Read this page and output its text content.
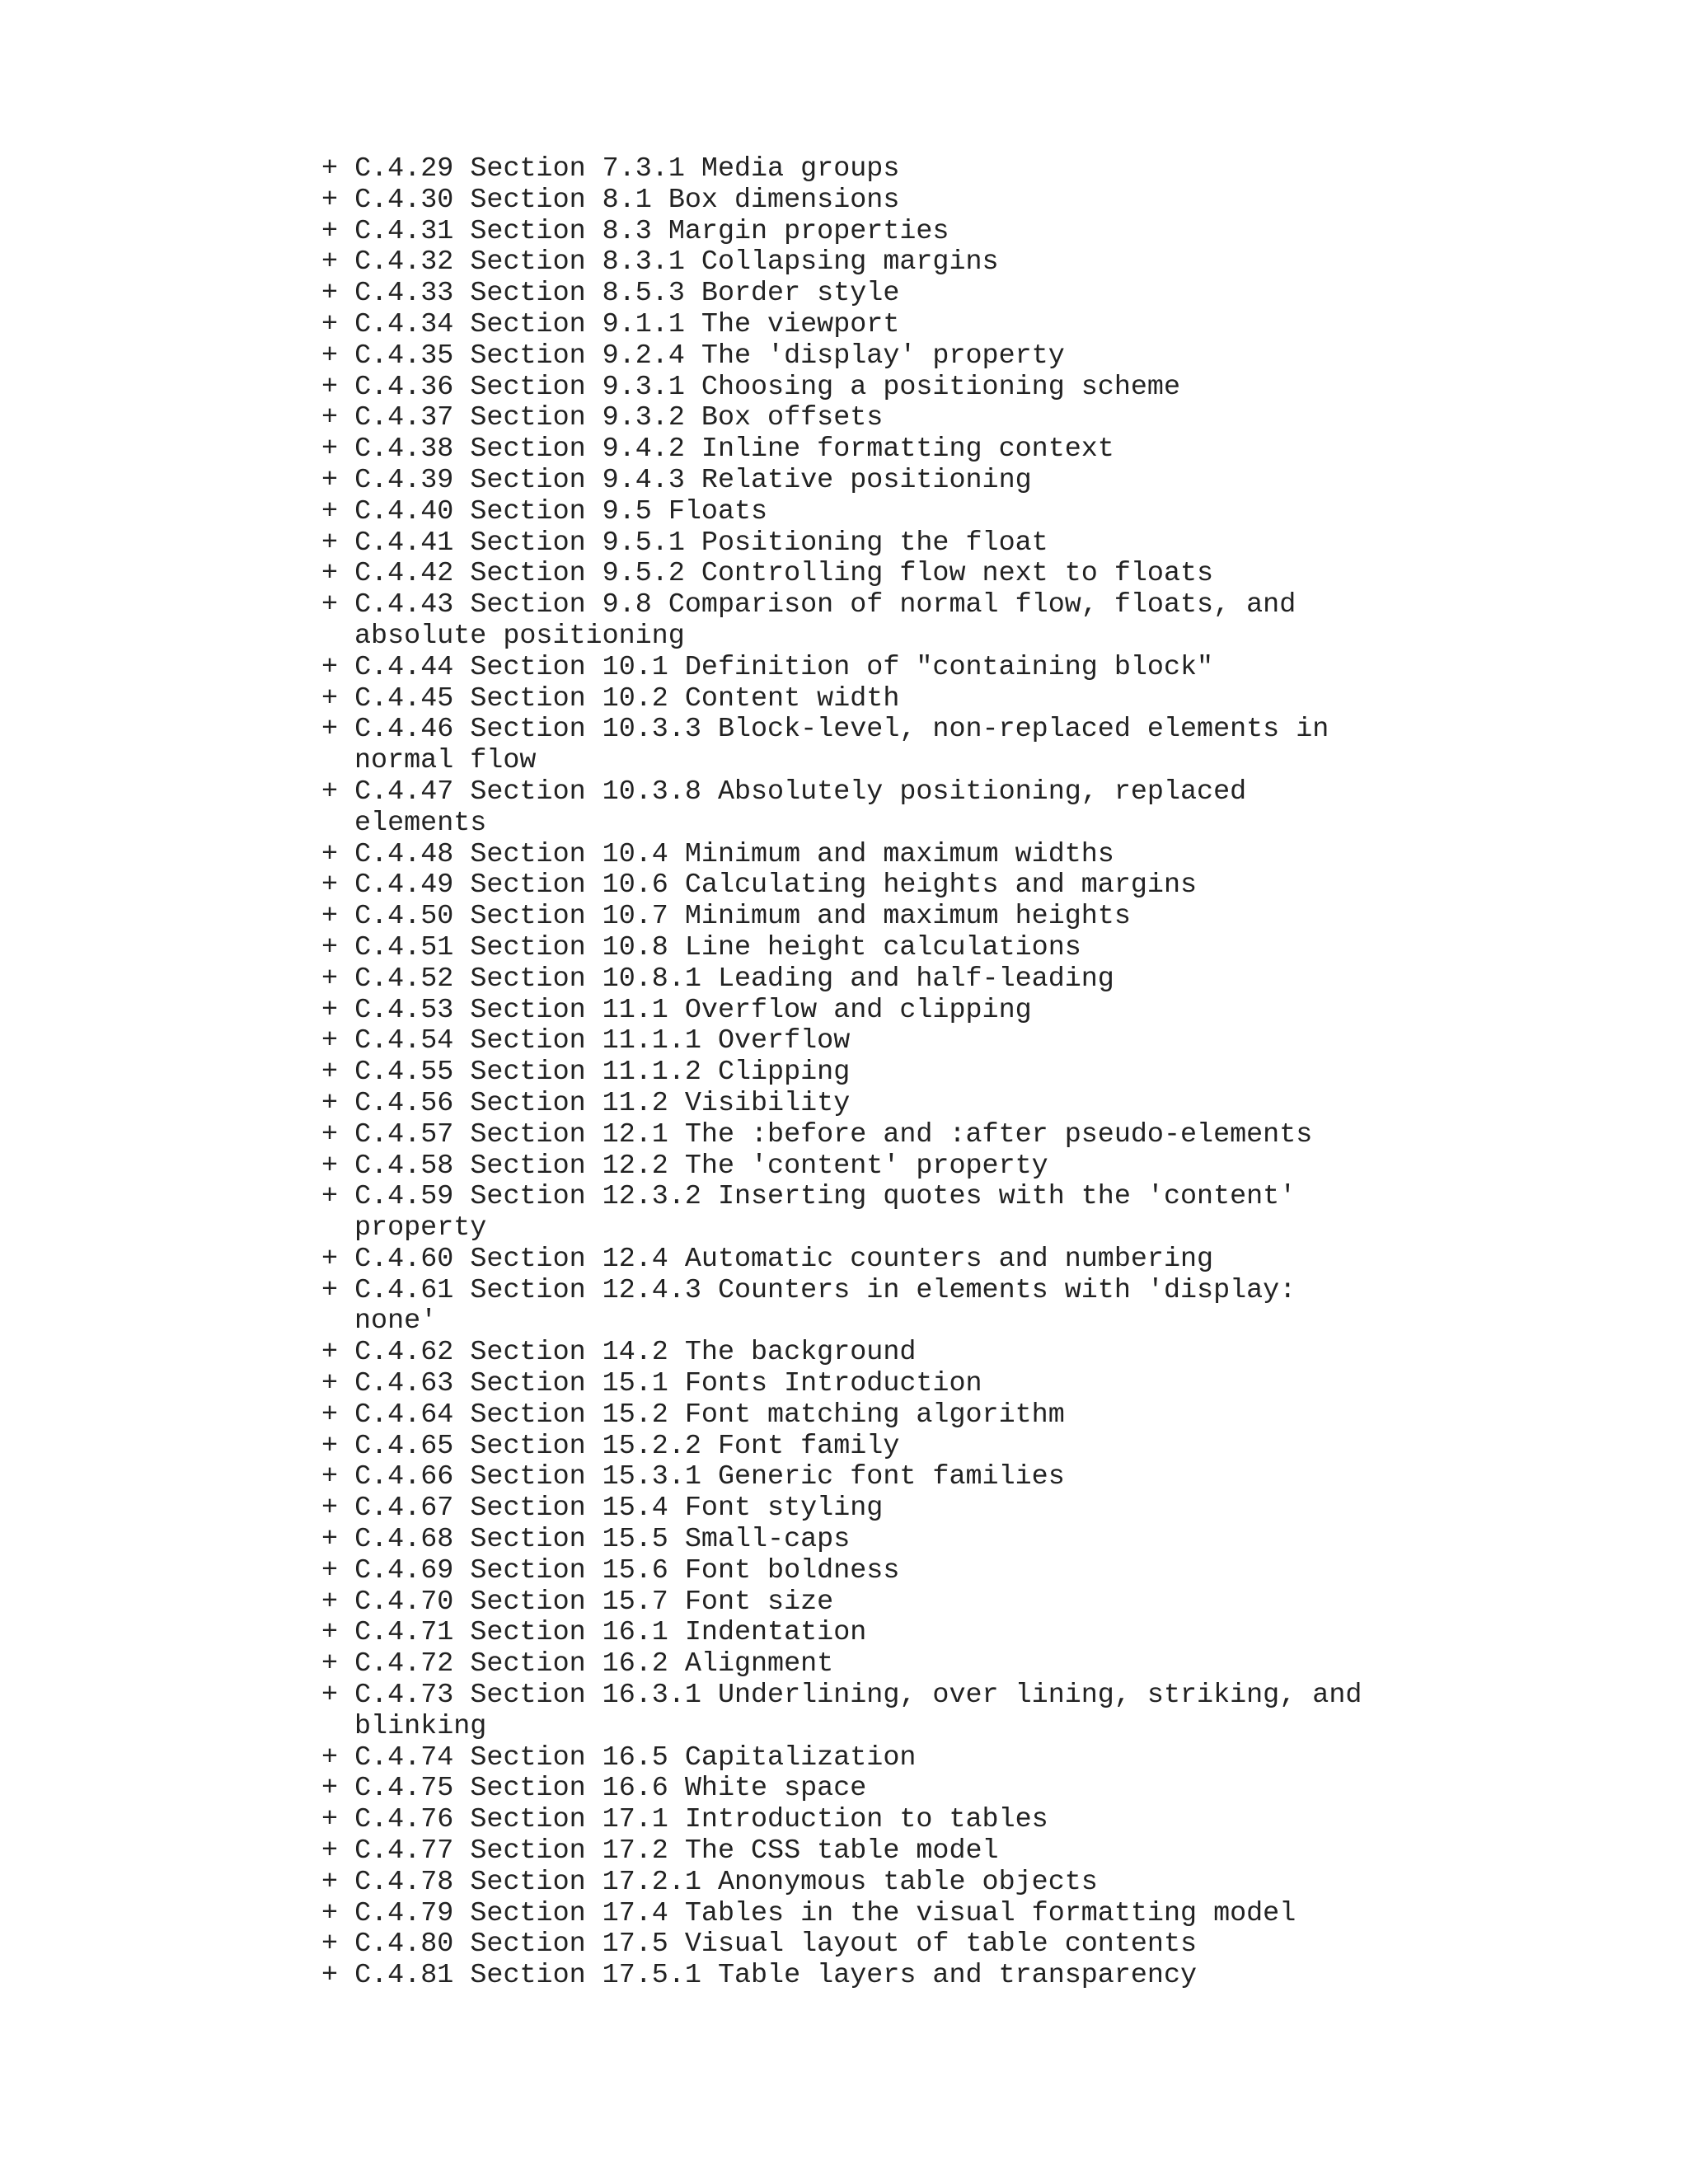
+ C.4.29 Section 7.3.1 Media groups
+ C.4.30 Section 8.1 Box dimensions
+ C.4.31 Section 8.3 Margin properties
+ C.4.32 Section 8.3.1 Collapsing margins
+ C.4.33 Section 8.5.3 Border style
+ C.4.34 Section 9.1.1 The viewport
+ C.4.35 Section 9.2.4 The 'display' property
+ C.4.36 Section 9.3.1 Choosing a positioning scheme
+ C.4.37 Section 9.3.2 Box offsets
+ C.4.38 Section 9.4.2 Inline formatting context
+ C.4.39 Section 9.4.3 Relative positioning
+ C.4.40 Section 9.5 Floats
+ C.4.41 Section 9.5.1 Positioning the float
+ C.4.42 Section 9.5.2 Controlling flow next to floats
+ C.4.43 Section 9.8 Comparison of normal flow, floats, and
absolute positioning
+ C.4.44 Section 10.1 Definition of "containing block"
+ C.4.45 Section 10.2 Content width
+ C.4.46 Section 10.3.3 Block-level, non-replaced elements in
normal flow
+ C.4.47 Section 10.3.8 Absolutely positioning, replaced
elements
+ C.4.48 Section 10.4 Minimum and maximum widths
+ C.4.49 Section 10.6 Calculating heights and margins
+ C.4.50 Section 10.7 Minimum and maximum heights
+ C.4.51 Section 10.8 Line height calculations
+ C.4.52 Section 10.8.1 Leading and half-leading
+ C.4.53 Section 11.1 Overflow and clipping
+ C.4.54 Section 11.1.1 Overflow
+ C.4.55 Section 11.1.2 Clipping
+ C.4.56 Section 11.2 Visibility
+ C.4.57 Section 12.1 The :before and :after pseudo-elements
+ C.4.58 Section 12.2 The 'content' property
+ C.4.59 Section 12.3.2 Inserting quotes with the 'content'
property
+ C.4.60 Section 12.4 Automatic counters and numbering
+ C.4.61 Section 12.4.3 Counters in elements with 'display:
none'
+ C.4.62 Section 14.2 The background
+ C.4.63 Section 15.1 Fonts Introduction
+ C.4.64 Section 15.2 Font matching algorithm
+ C.4.65 Section 15.2.2 Font family
+ C.4.66 Section 15.3.1 Generic font families
+ C.4.67 Section 15.4 Font styling
+ C.4.68 Section 15.5 Small-caps
+ C.4.69 Section 15.6 Font boldness
+ C.4.70 Section 15.7 Font size
+ C.4.71 Section 16.1 Indentation
+ C.4.72 Section 16.2 Alignment
+ C.4.73 Section 16.3.1 Underlining, over lining, striking, and
blinking
+ C.4.74 Section 16.5 Capitalization
+ C.4.75 Section 16.6 White space
+ C.4.76 Section 17.1 Introduction to tables
+ C.4.77 Section 17.2 The CSS table model
+ C.4.78 Section 17.2.1 Anonymous table objects
+ C.4.79 Section 17.4 Tables in the visual formatting model
+ C.4.80 Section 17.5 Visual layout of table contents
+ C.4.81 Section 17.5.1 Table layers and transparency
